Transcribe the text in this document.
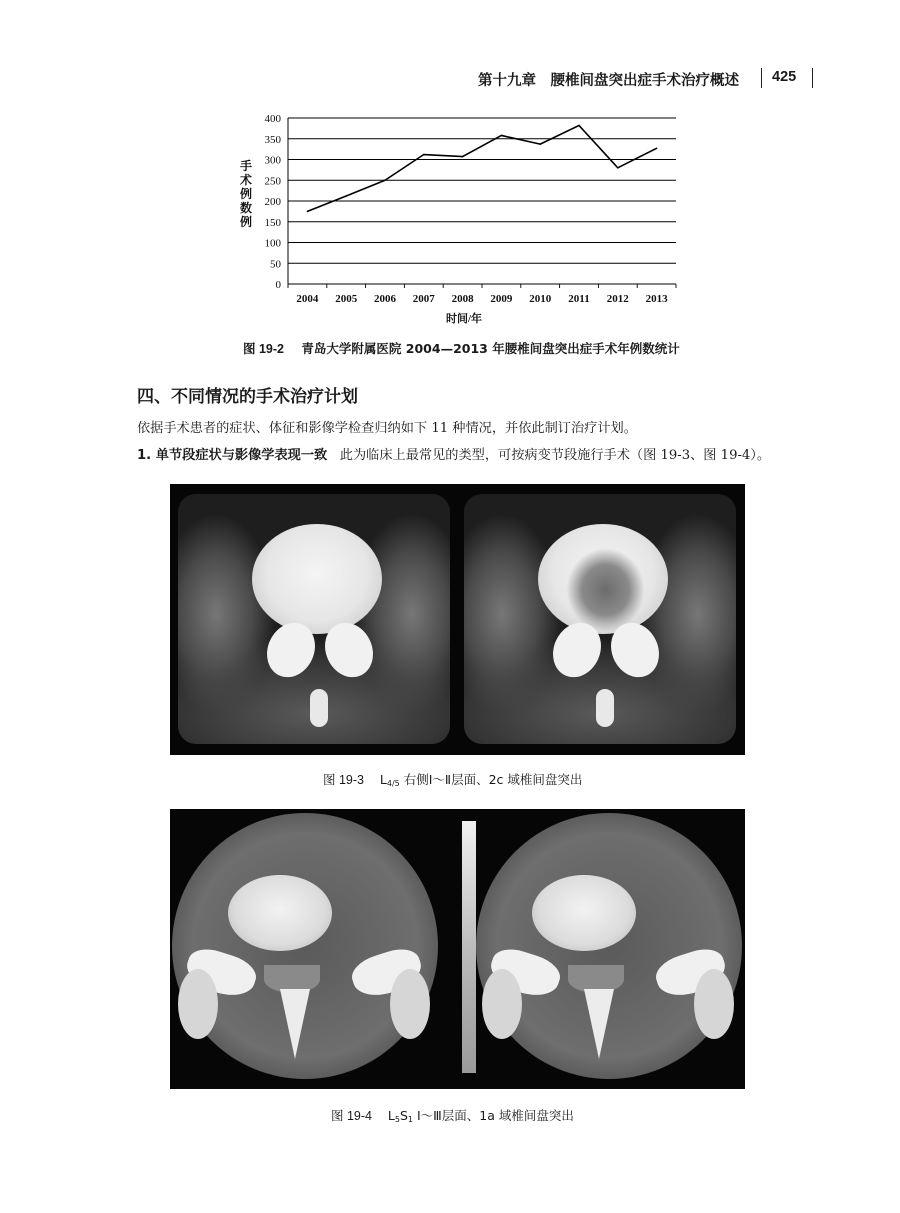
第十九章　腰椎间盘突出症手术治疗概述 425
0
50
100
150
200
250
300
350
400
2004 2005 2006 2007 2008 2009 2010 2011 2012 2013
手
术
例
数
例
时间/年
图 19-2 青岛大学附属医院 2004—2013 年腰椎间盘突出症手术年例数统计
四、不同情况的手术治疗计划
依据手术患者的症状、体征和影像学检查归纳如下 11 种情况，并依此制订治疗计划。
1. 单节段症状与影像学表现一致 此为临床上最常见的类型，可按病变节段施行手术（图 19-3、图 19-4）。
图 19-3 $L_{4/5}$ 右侧Ⅰ～Ⅱ层面、2c 域椎间盘突出
图 19-4 $L_5S_1$ Ⅰ～Ⅲ层面、1a 域椎间盘突出
